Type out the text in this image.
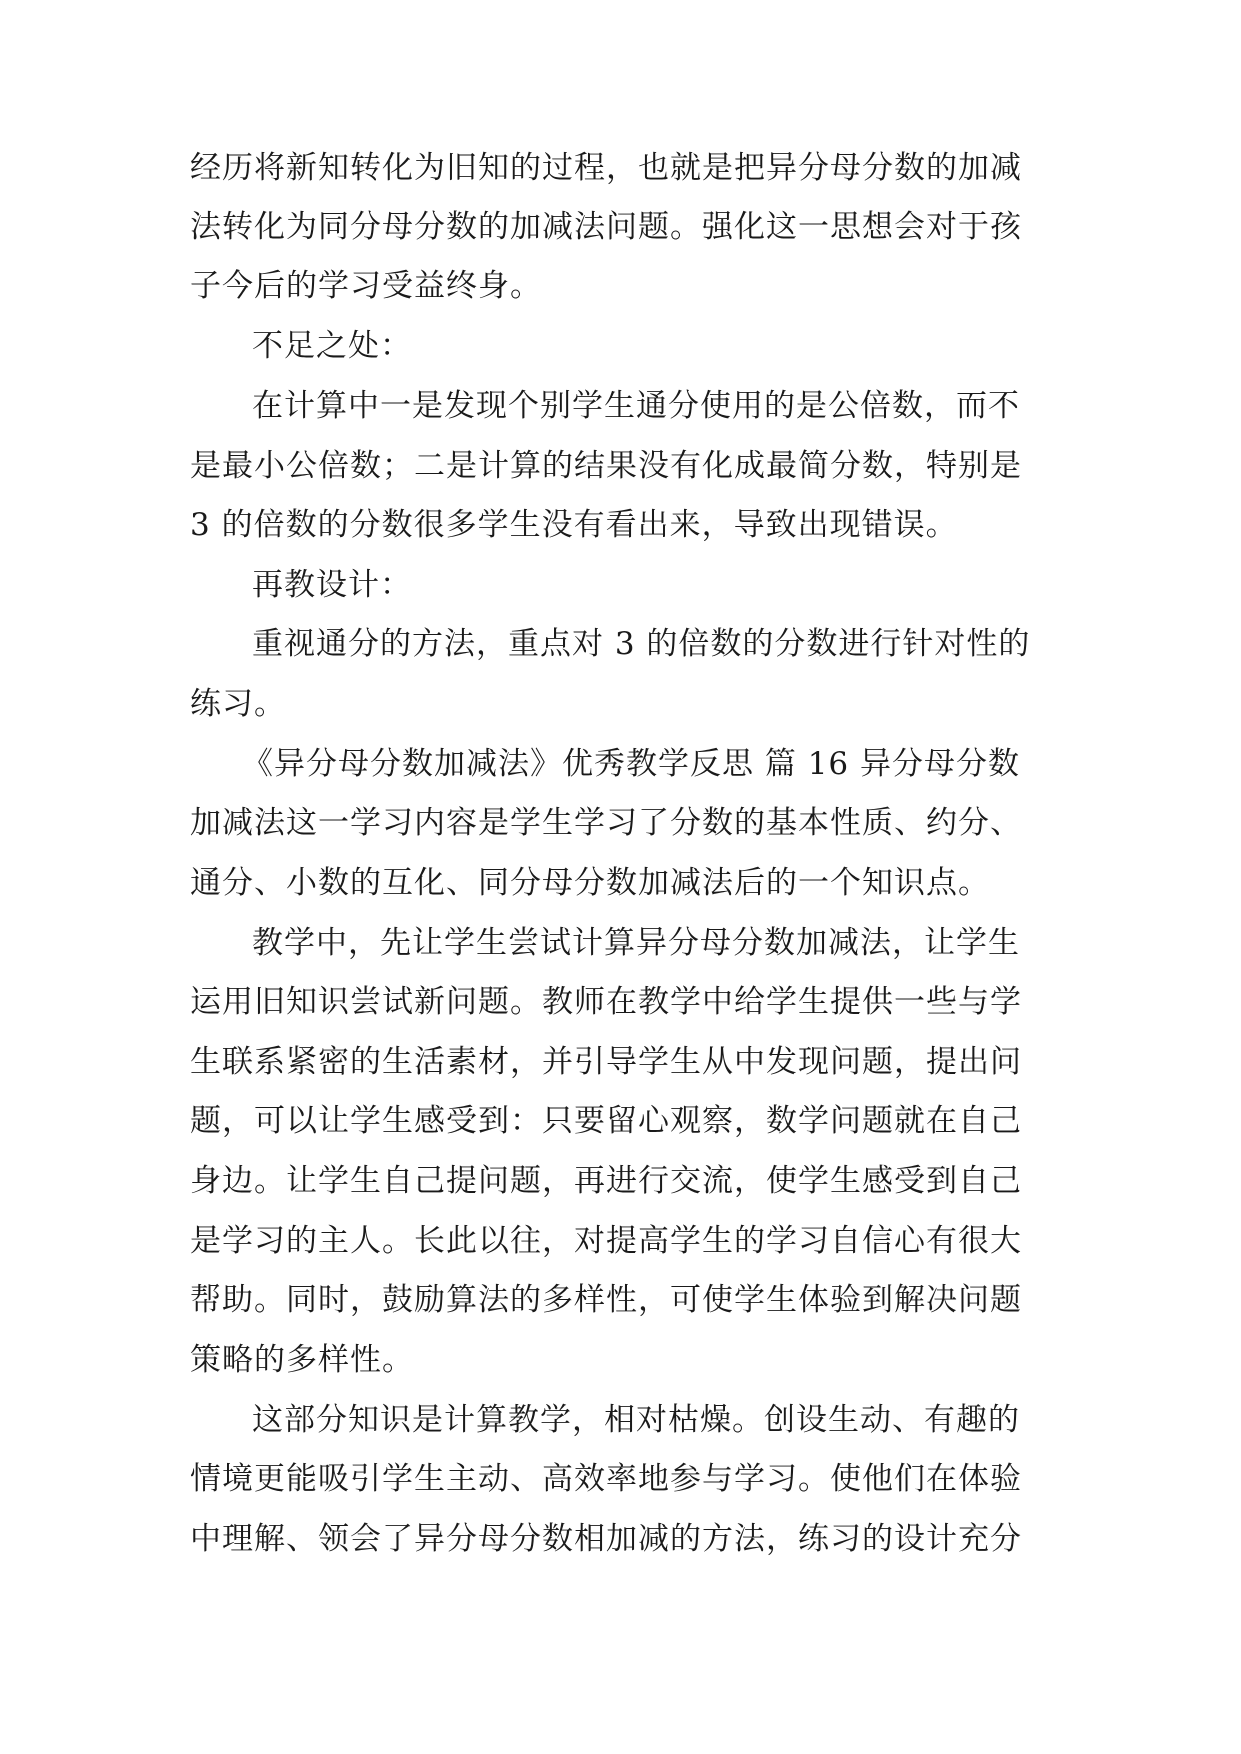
经历将新知转化为旧知的过程，也就是把异分母分数的加减
法转化为同分母分数的加减法问题。强化这一思想会对于孩
子今后的学习受益终身。
不足之处：
在计算中一是发现个别学生通分使用的是公倍数，而不
是最小公倍数；二是计算的结果没有化成最简分数，特别是
3 的倍数的分数很多学生没有看出来，导致出现错误。
再教设计：
重视通分的方法，重点对 3 的倍数的分数进行针对性的
练习。
《异分母分数加减法》优秀教学反思 篇 16 异分母分数
加减法这一学习内容是学生学习了分数的基本性质、约分、
通分、小数的互化、同分母分数加减法后的一个知识点。
教学中，先让学生尝试计算异分母分数加减法，让学生
运用旧知识尝试新问题。教师在教学中给学生提供一些与学
生联系紧密的生活素材，并引导学生从中发现问题，提出问
题，可以让学生感受到：只要留心观察，数学问题就在自己
身边。让学生自己提问题，再进行交流，使学生感受到自己
是学习的主人。长此以往，对提高学生的学习自信心有很大
帮助。同时，鼓励算法的多样性，可使学生体验到解决问题
策略的多样性。
这部分知识是计算教学，相对枯燥。创设生动、有趣的
情境更能吸引学生主动、高效率地参与学习。使他们在体验
中理解、领会了异分母分数相加减的方法，练习的设计充分
